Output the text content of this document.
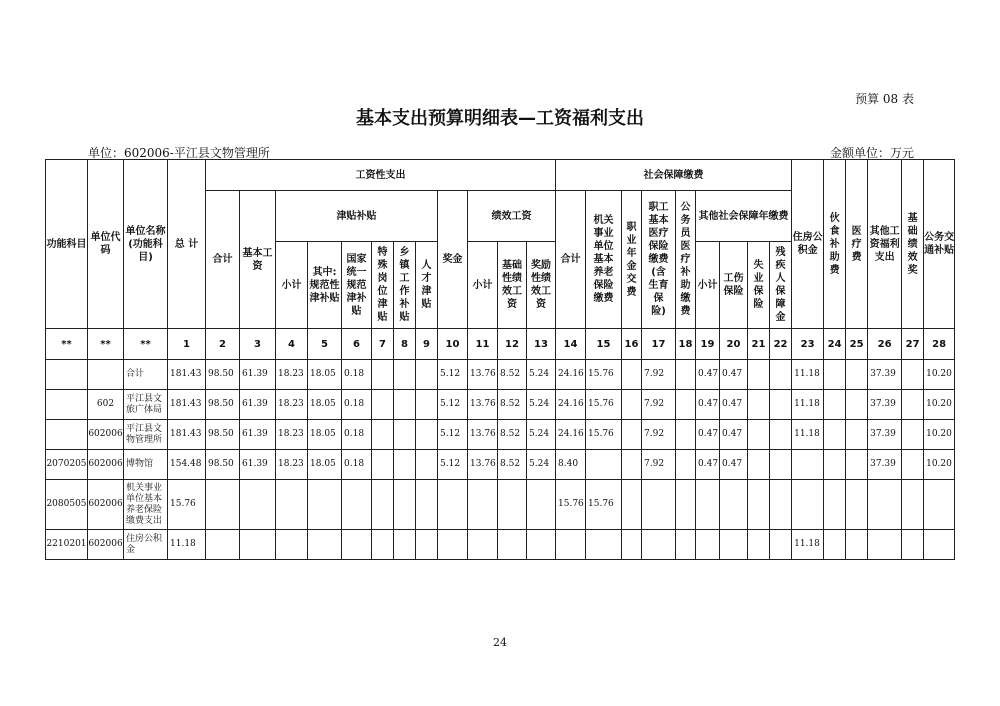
预算 08 表
基本支出预算明细表—工资福利支出
单位：602006-平江县文物管理所	金额单位：万元
功能科目	单位代码	单位名称(功能科目)	总 计	工资性支出												社会保障缴费									住房公积金	伙食补助费	医疗费	其他工资福利支出	基础绩效奖	公务交通补贴
				合计	基本工资	津贴补贴						奖金	绩效工资			合计	机关事业单位基本养老保险缴费	职业年金交费	职工基本医疗保险缴费(含生育保险)	公务员医疗补助缴费	其他社会保障年缴费									
						小计	其中:规范性津补贴	国家统一规范津补贴	特殊岗位津贴	乡镇工作补贴	人才津贴		小计	基础性绩效工资	奖励性绩效工资						小计	工伤保险	失业保险	残疾人保障金						

**	**	**	1	2	3	4	5	6	7	8	9	10	11	12	13	14	15	16	17	18	19	20	21	22	23	24	25	26	27	28
		合计	181.43	98.50	61.39	18.23	18.05	0.18				5.12	13.76	8.52	5.24	24.16	15.76		7.92		0.47	0.47			11.18			37.39		10.20
	602	平江县文旅广体局	181.43	98.50	61.39	18.23	18.05	0.18				5.12	13.76	8.52	5.24	24.16	15.76		7.92		0.47	0.47			11.18			37.39		10.20
	602006	平江县文物管理所	181.43	98.50	61.39	18.23	18.05	0.18				5.12	13.76	8.52	5.24	24.16	15.76		7.92		0.47	0.47			11.18			37.39		10.20
2070205	602006	博物馆	154.48	98.50	61.39	18.23	18.05	0.18				5.12	13.76	8.52	5.24	8.40			7.92		0.47	0.47						37.39		10.20
2080505	602006	机关事业单位基本养老保险缴费支出	15.76													15.76	15.76													
2210201	602006	住房公积金	11.18																						11.18					
24
